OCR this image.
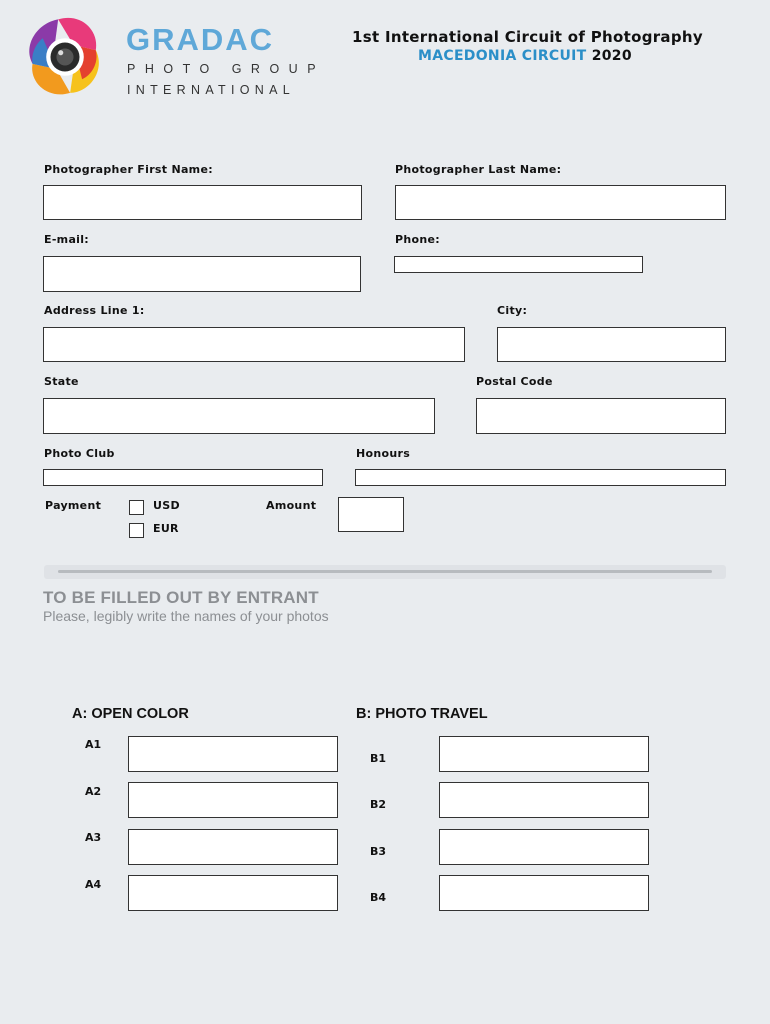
GRADAC
PHOTO GROUP
INTERNATIONAL
1st International Circuit of Photography
MACEDONIA CIRCUIT 2020
Photographer First Name:	Photographer Last Name:
E-mail:	Phone:
Address Line 1:	City:
State	Postal Code
Photo Club	Honours
Payment	USD
EUR
Amount
TO BE FILLED OUT BY ENTRANT
Please, legibly write the names of your photos
A: OPEN COLOR	B: PHOTO TRAVEL
A1
A2
A3
A4
B1
B2
B3
B4
